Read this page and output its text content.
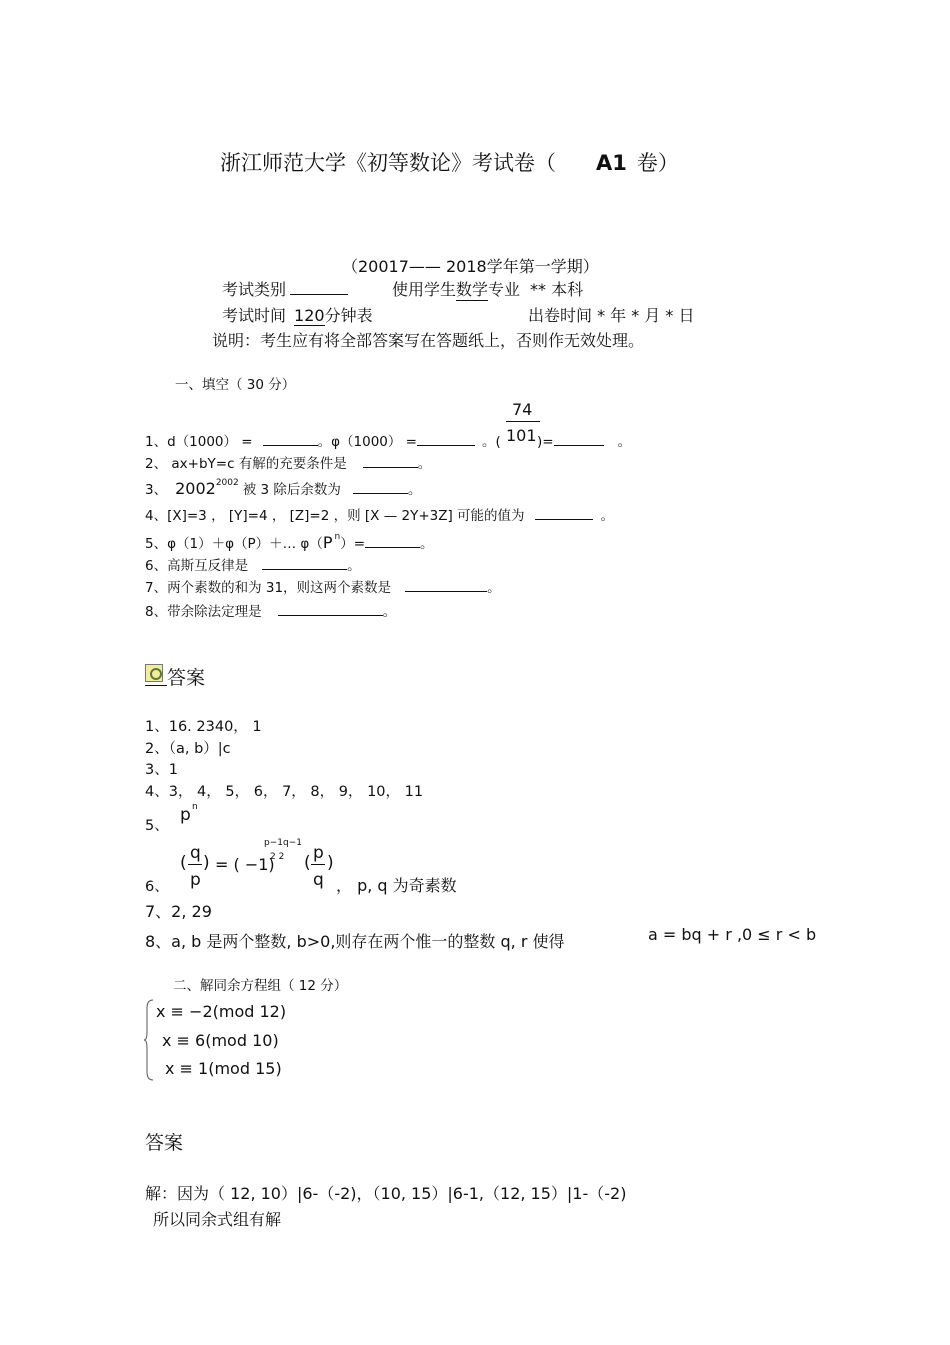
浙江师范大学《初等数论》考试卷（ A1 卷）
（20017—— 2018学年第一学期）
考试类别	使用学生数学专业 ** 本科
考试时间 120分钟表	出卷时间 * 年 * 月 * 日
说明：考生应有将全部答案写在答题纸上，否则作无效处理。
一、填空（ 30 分）
74
101
1、d（1000） =	。φ（1000） =	。(	)=	。
2、 ax+bY=c 有解的充要条件是	。
3、 $2002^{2002}$ 被 3 除后余数为	。
4、[X]=3 ， [Y]=4 ， [Z]=2 ，则 [X — 2Y+3Z] 可能的值为	。
5、φ（1）＋φ（P）＋… φ（P $^n$）=	。
6、高斯互反律是	。
7、两个素数的和为 31，则这两个素数是	。
8、带余除法定理是	。
答案
1、16. 2340， 1
2、（a, b）|c
3、1
4、3， 4， 5， 6， 7， 8， 9， 10， 11
5、
p n
6、
( q
p
) = ( −1)
p−1q−1
2 2 ( p
q
)
， p, q 为奇素数
7、2, 29
8、a, b 是两个整数, b>0,则存在两个惟一的整数 q, r 使得	a = bq + r ,0 ≤ r < b
二、解同余方程组（ 12 分）
x ≡ −2(mod 12)
x ≡ 6(mod 10)
x ≡ 1(mod 15)
答案
解：因为（ 12, 10）|6-（-2)，（10, 15）|6-1,（12, 15）|1-（-2)
所以同余式组有解
